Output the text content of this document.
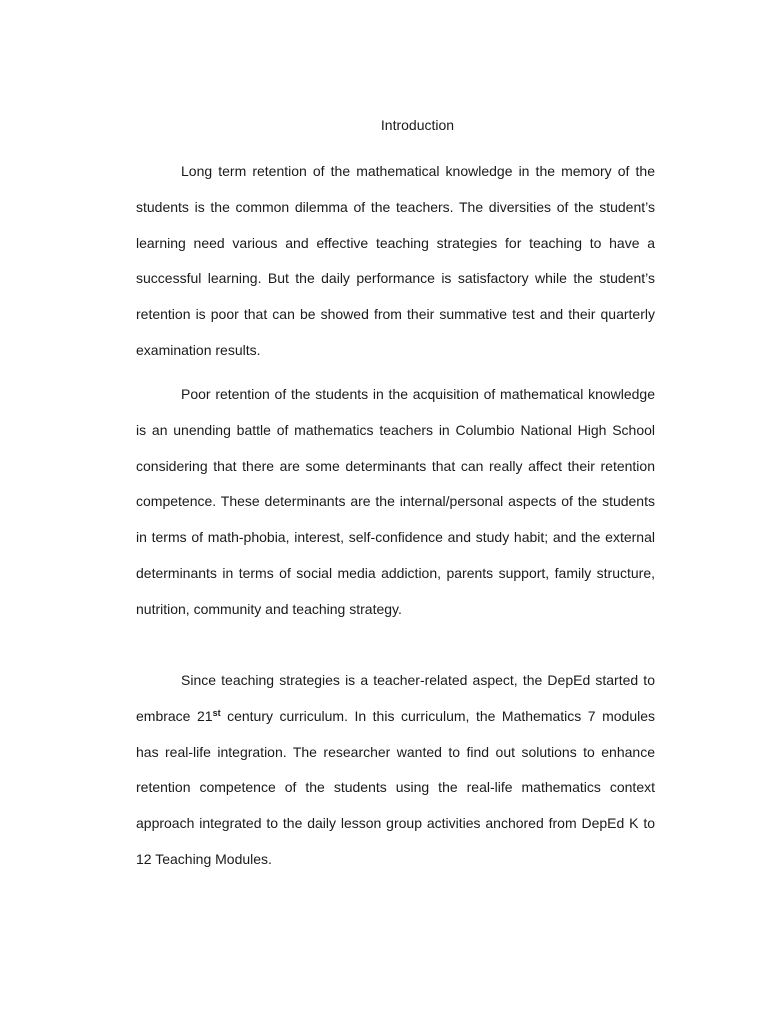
Introduction

Long term retention of the mathematical knowledge in the memory of the students is the common dilemma of the teachers. The diversities of the student’s learning need various and effective teaching strategies for teaching to have a successful learning. But the daily performance is satisfactory while the student’s retention is poor that can be showed from their summative test and their quarterly examination results.

Poor retention of the students in the acquisition of mathematical knowledge is an unending battle of mathematics teachers in Columbio National High School considering that there are some determinants that can really affect their retention competence. These determinants are the internal/personal aspects of the students in terms of math-phobia, interest, self-confidence and study habit; and the external determinants in terms of social media addiction, parents support, family structure, nutrition, community and teaching strategy.

Since teaching strategies is a teacher-related aspect, the DepEd started to embrace 21st century curriculum. In this curriculum, the Mathematics 7 modules has real-life integration. The researcher wanted to find out solutions to enhance retention competence of the students using the real-life mathematics context approach integrated to the daily lesson group activities anchored from DepEd K to 12 Teaching Modules.
